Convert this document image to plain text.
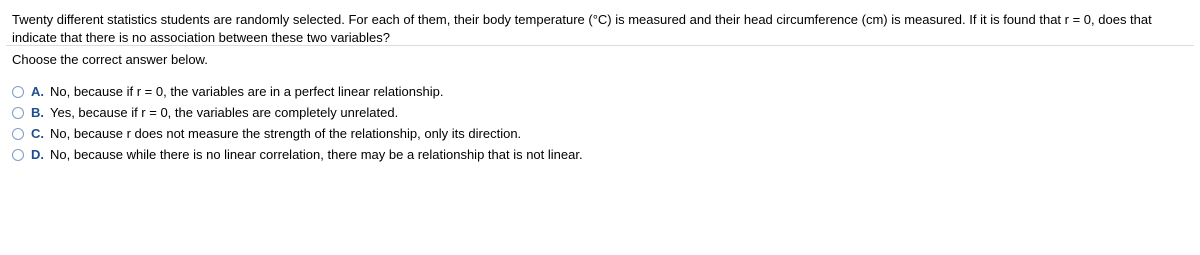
Twenty different statistics students are randomly selected. For each of them, their body temperature (°C) is measured and their head circumference (cm) is measured. If it is found that r = 0, does that indicate that there is no association between these two variables?
Choose the correct answer below.
A. No, because if r = 0, the variables are in a perfect linear relationship.
B. Yes, because if r = 0, the variables are completely unrelated.
C. No, because r does not measure the strength of the relationship, only its direction.
D. No, because while there is no linear correlation, there may be a relationship that is not linear.
